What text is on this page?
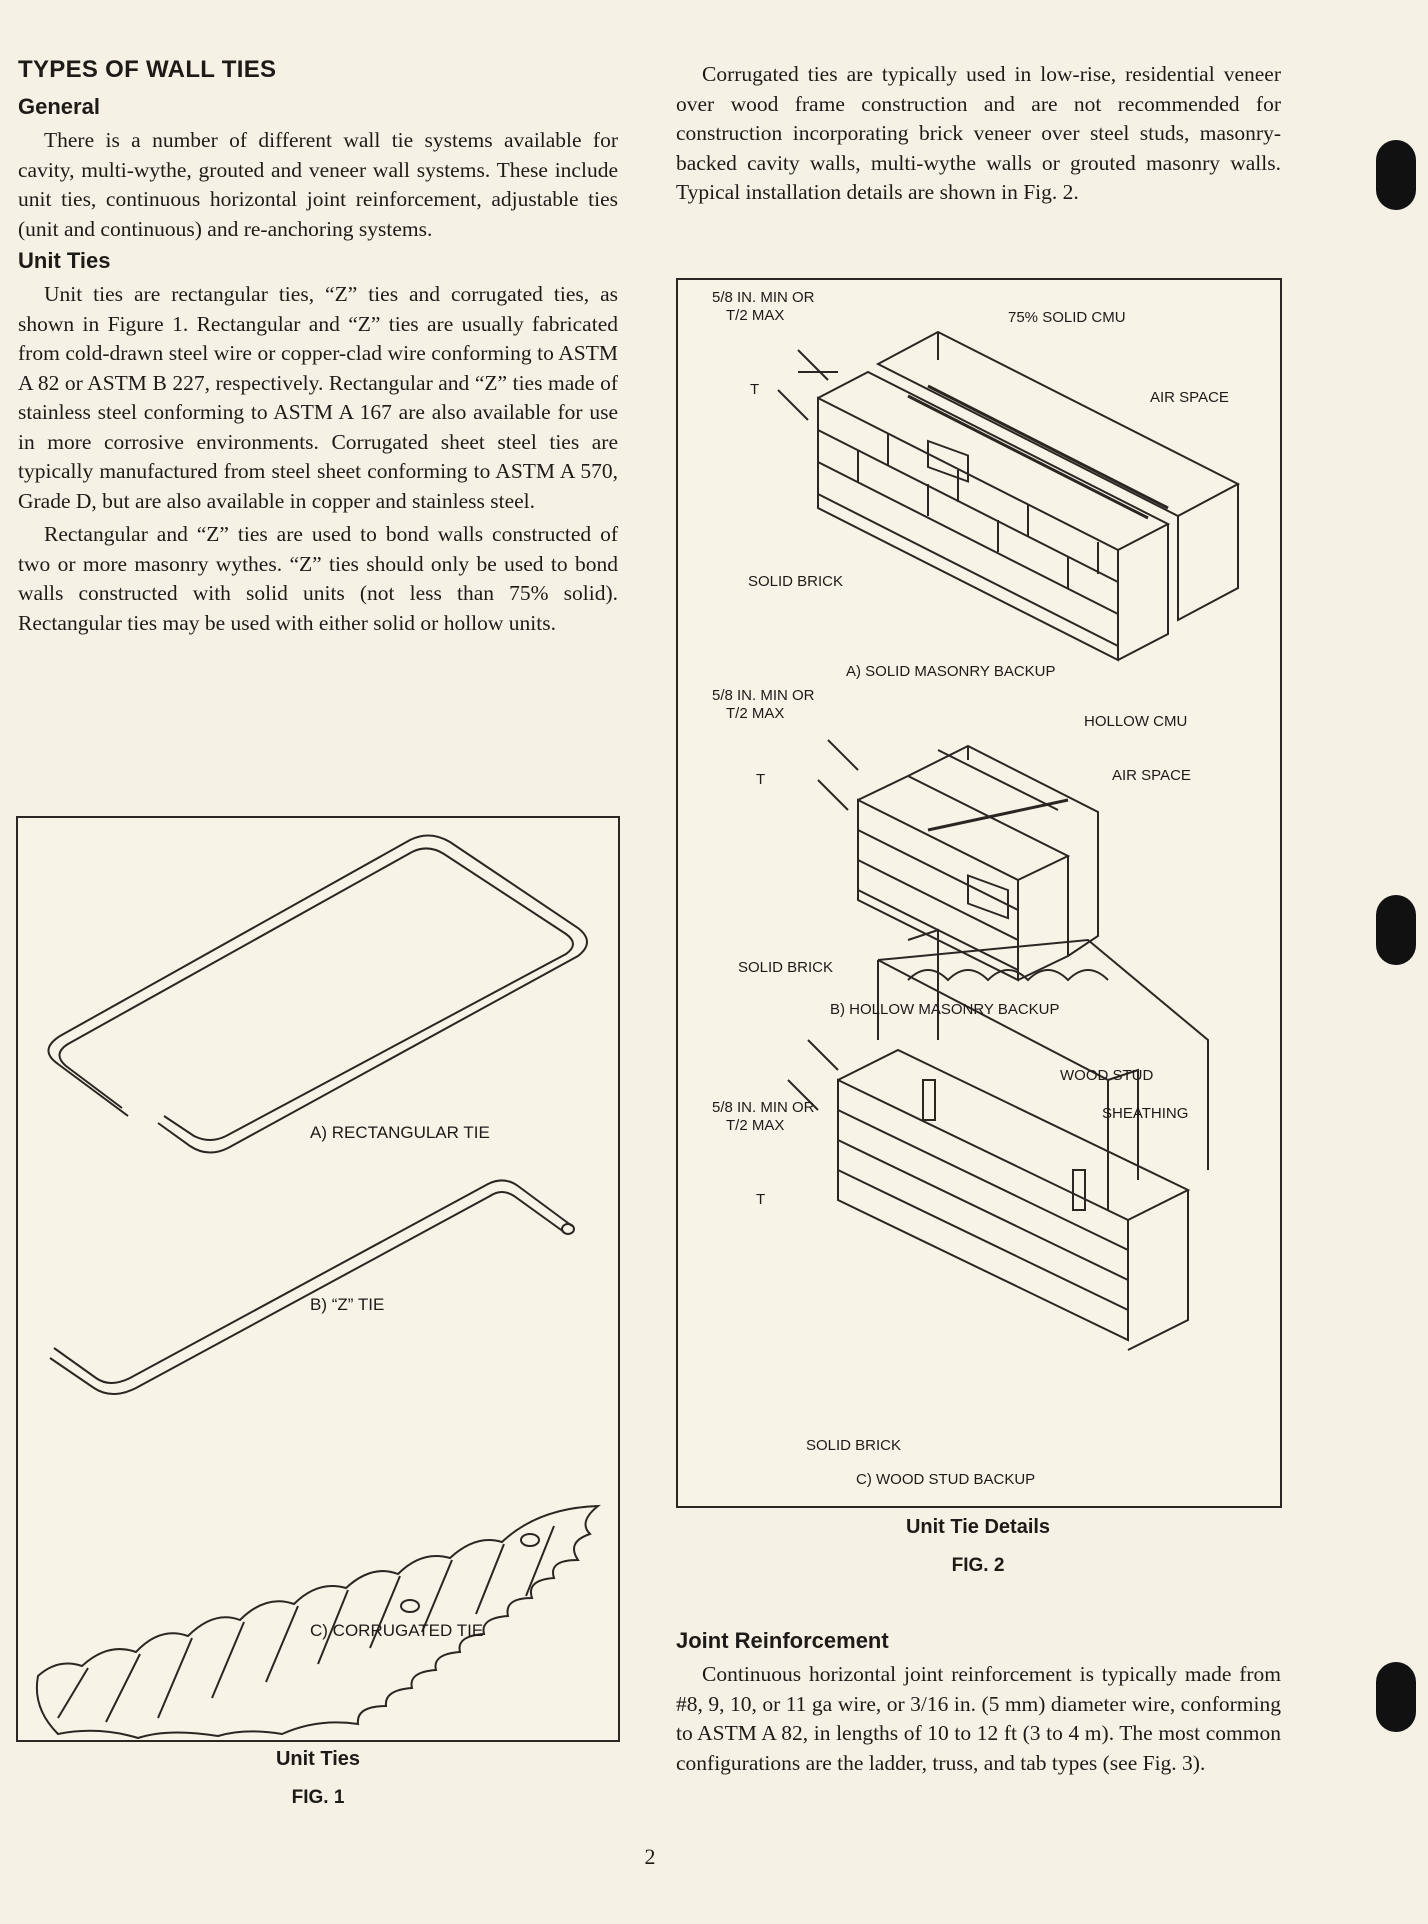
TYPES OF WALL TIES
General

There is a number of different wall tie systems available for cavity, multi-wythe, grouted and veneer wall systems. These include unit ties, continuous horizontal joint reinforcement, adjustable ties (unit and continuous) and re-anchoring systems.

Unit Ties

Unit ties are rectangular ties, “Z” ties and corrugated ties, as shown in Figure 1. Rectangular and “Z” ties are usually fabricated from cold-drawn steel wire or copper-clad wire conforming to ASTM A 82 or ASTM B 227, respectively. Rectangular and “Z” ties made of stainless steel conforming to ASTM A 167 are also available for use in more corrosive environments. Corrugated sheet steel ties are typically manufactured from steel sheet conforming to ASTM A 570, Grade D, but are also available in copper and stainless steel.

Rectangular and “Z” ties are used to bond walls constructed of two or more masonry wythes. “Z” ties should only be used to bond walls constructed with solid units (not less than 75% solid). Rectangular ties may be used with either solid or hollow units.

A) RECTANGULAR TIE
B) “Z” TIE
C) CORRUGATED TIE
Unit Ties
FIG. 1

Corrugated ties are typically used in low-rise, residential veneer over wood frame construction and are not recommended for construction incorporating brick veneer over steel studs, masonry-backed cavity walls, multi-wythe walls or grouted masonry walls. Typical installation details are shown in Fig. 2.

5/8 IN. MIN OR
T/2 MAX
T
75% SOLID CMU
AIR SPACE
SOLID BRICK
A) SOLID MASONRY BACKUP
5/8 IN. MIN OR
T/2 MAX
T
HOLLOW CMU
AIR SPACE
SOLID BRICK
B) HOLLOW MASONRY BACKUP
WOOD STUD
5/8 IN. MIN OR
T/2 MAX
SHEATHING
T
SOLID BRICK
C) WOOD STUD BACKUP
Unit Tie Details
FIG. 2
Joint Reinforcement

Continuous horizontal joint reinforcement is typically made from #8, 9, 10, or 11 ga wire, or 3/16 in. (5 mm) diameter wire, conforming to ASTM A 82, in lengths of 10 to 12 ft (3 to 4 m). The most common configurations are the ladder, truss, and tab types (see Fig. 3).

2
